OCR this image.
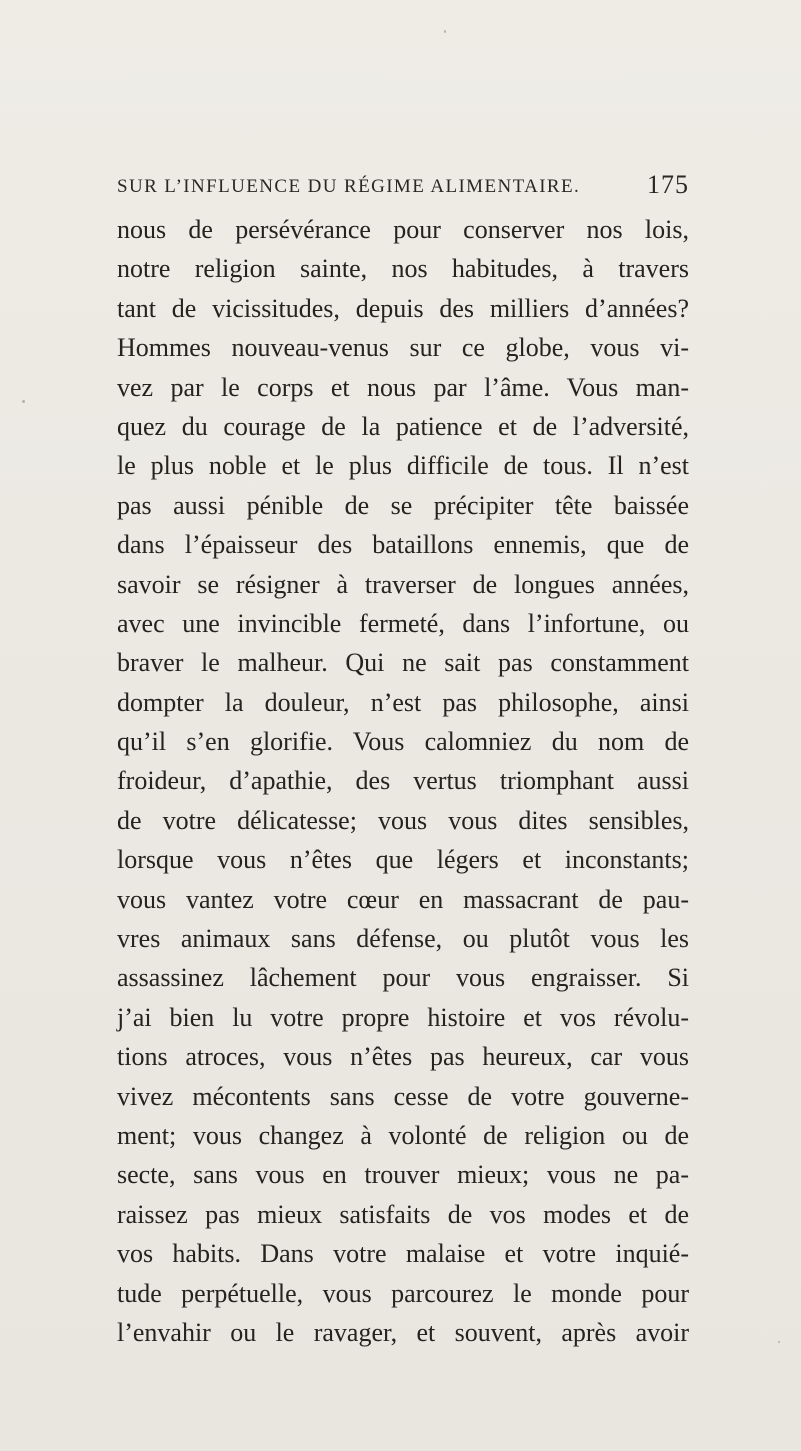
SUR L’INFLUENCE DU RÉGIME ALIMENTAIRE.	175
nous de persévérance pour conserver nos lois,
notre religion sainte, nos habitudes, à travers
tant de vicissitudes, depuis des milliers d’années?
Hommes nouveau-venus sur ce globe, vous vi-
vez par le corps et nous par l’âme. Vous man-
quez du courage de la patience et de l’adversité,
le plus noble et le plus difficile de tous. Il n’est
pas aussi pénible de se précipiter tête baissée
dans l’épaisseur des bataillons ennemis, que de
savoir se résigner à traverser de longues années,
avec une invincible fermeté, dans l’infortune, ou
braver le malheur. Qui ne sait pas constamment
dompter la douleur, n’est pas philosophe, ainsi
qu’il s’en glorifie. Vous calomniez du nom de
froideur, d’apathie, des vertus triomphant aussi
de votre délicatesse; vous vous dites sensibles,
lorsque vous n’êtes que légers et inconstants;
vous vantez votre cœur en massacrant de pau-
vres animaux sans défense, ou plutôt vous les
assassinez lâchement pour vous engraisser. Si
j’ai bien lu votre propre histoire et vos révolu-
tions atroces, vous n’êtes pas heureux, car vous
vivez mécontents sans cesse de votre gouverne-
ment; vous changez à volonté de religion ou de
secte, sans vous en trouver mieux; vous ne pa-
raissez pas mieux satisfaits de vos modes et de
vos habits. Dans votre malaise et votre inquié-
tude perpétuelle, vous parcourez le monde pour
l’envahir ou le ravager, et souvent, après avoir
